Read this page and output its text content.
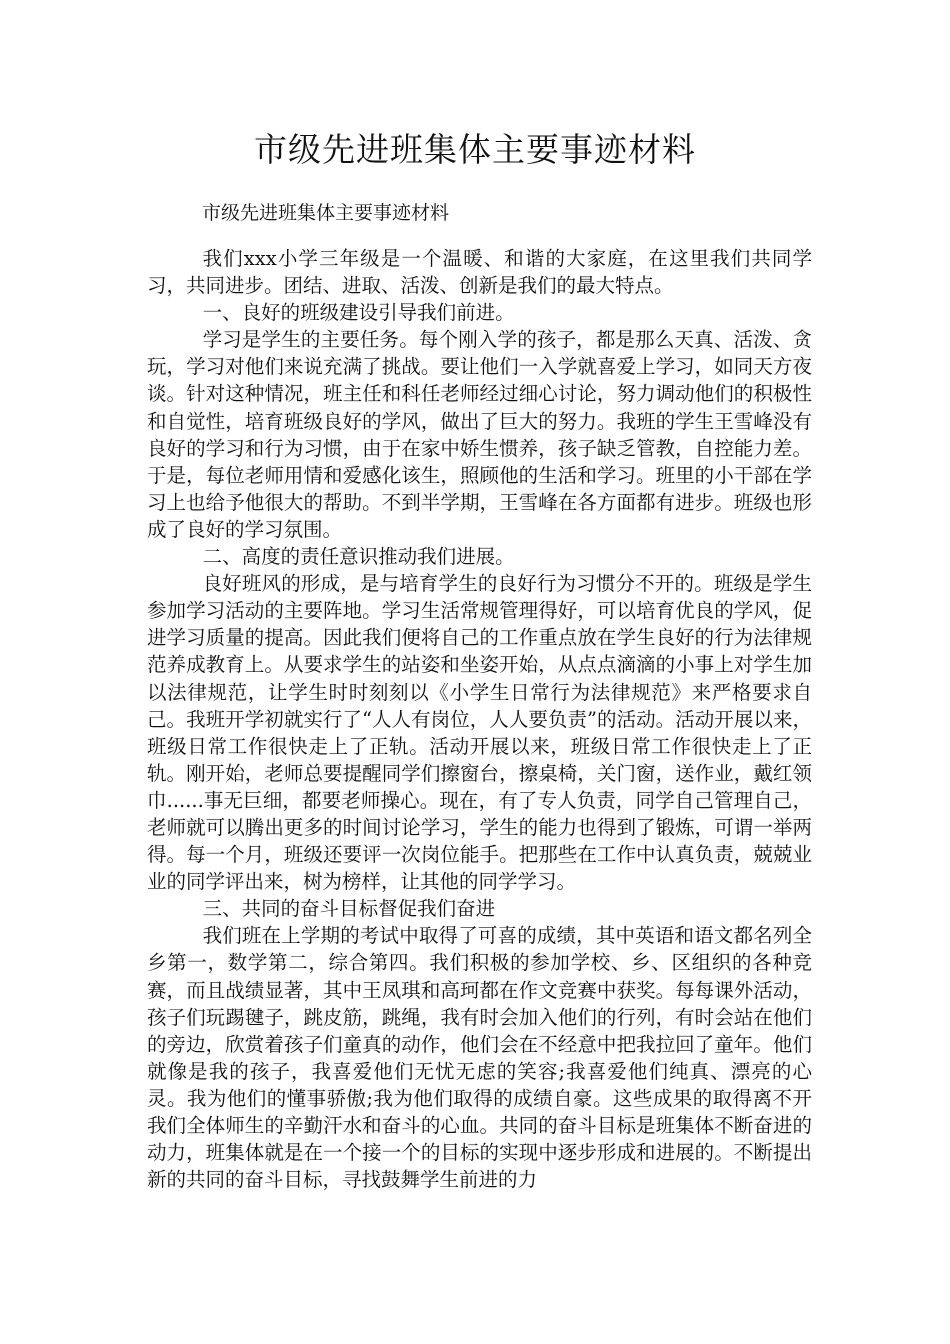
市级先进班集体主要事迹材料
市级先进班集体主要事迹材料

我们xxx小学三年级是一个温暖、和谐的大家庭，在这里我们共同学习，共同进步。团结、进取、活泼、创新是我们的最大特点。

一、良好的班级建设引导我们前进。

学习是学生的主要任务。每个刚入学的孩子，都是那么天真、活泼、贪玩，学习对他们来说充满了挑战。要让他们一入学就喜爱上学习，如同天方夜谈。针对这种情况，班主任和科任老师经过细心讨论，努力调动他们的积极性和自觉性，培育班级良好的学风，做出了巨大的努力。我班的学生王雪峰没有良好的学习和行为习惯，由于在家中娇生惯养，孩子缺乏管教，自控能力差。于是，每位老师用情和爱感化该生，照顾他的生活和学习。班里的小干部在学习上也给予他很大的帮助。不到半学期，王雪峰在各方面都有进步。班级也形成了良好的学习氛围。

二、高度的责任意识推动我们进展。

良好班风的形成，是与培育学生的良好行为习惯分不开的。班级是学生参加学习活动的主要阵地。学习生活常规管理得好，可以培育优良的学风，促进学习质量的提高。因此我们便将自己的工作重点放在学生良好的行为法律规范养成教育上。从要求学生的站姿和坐姿开始，从点点滴滴的小事上对学生加以法律规范，让学生时时刻刻以《小学生日常行为法律规范》来严格要求自己。我班开学初就实行了“人人有岗位，人人要负责”的活动。活动开展以来，班级日常工作很快走上了正轨。活动开展以来，班级日常工作很快走上了正轨。刚开始，老师总要提醒同学们擦窗台，擦桌椅，关门窗，送作业，戴红领巾......事无巨细，都要老师操心。现在，有了专人负责，同学自己管理自己，老师就可以腾出更多的时间讨论学习，学生的能力也得到了锻炼，可谓一举两得。每一个月，班级还要评一次岗位能手。把那些在工作中认真负责，兢兢业业的同学评出来，树为榜样，让其他的同学学习。

三、共同的奋斗目标督促我们奋进

我们班在上学期的考试中取得了可喜的成绩，其中英语和语文都名列全乡第一，数学第二，综合第四。我们积极的参加学校、乡、区组织的各种竞赛，而且战绩显著，其中王凤琪和高珂都在作文竞赛中获奖。每每课外活动，孩子们玩踢毽子，跳皮筋，跳绳，我有时会加入他们的行列，有时会站在他们的旁边，欣赏着孩子们童真的动作，他们会在不经意中把我拉回了童年。他们就像是我的孩子，我喜爱他们无忧无虑的笑容;我喜爱他们纯真、漂亮的心灵。我为他们的懂事骄傲;我为他们取得的成绩自豪。这些成果的取得离不开我们全体师生的辛勤汗水和奋斗的心血。共同的奋斗目标是班集体不断奋进的动力，班集体就是在一个接一个的目标的实现中逐步形成和进展的。不断提出新的共同的奋斗目标，寻找鼓舞学生前进的力
